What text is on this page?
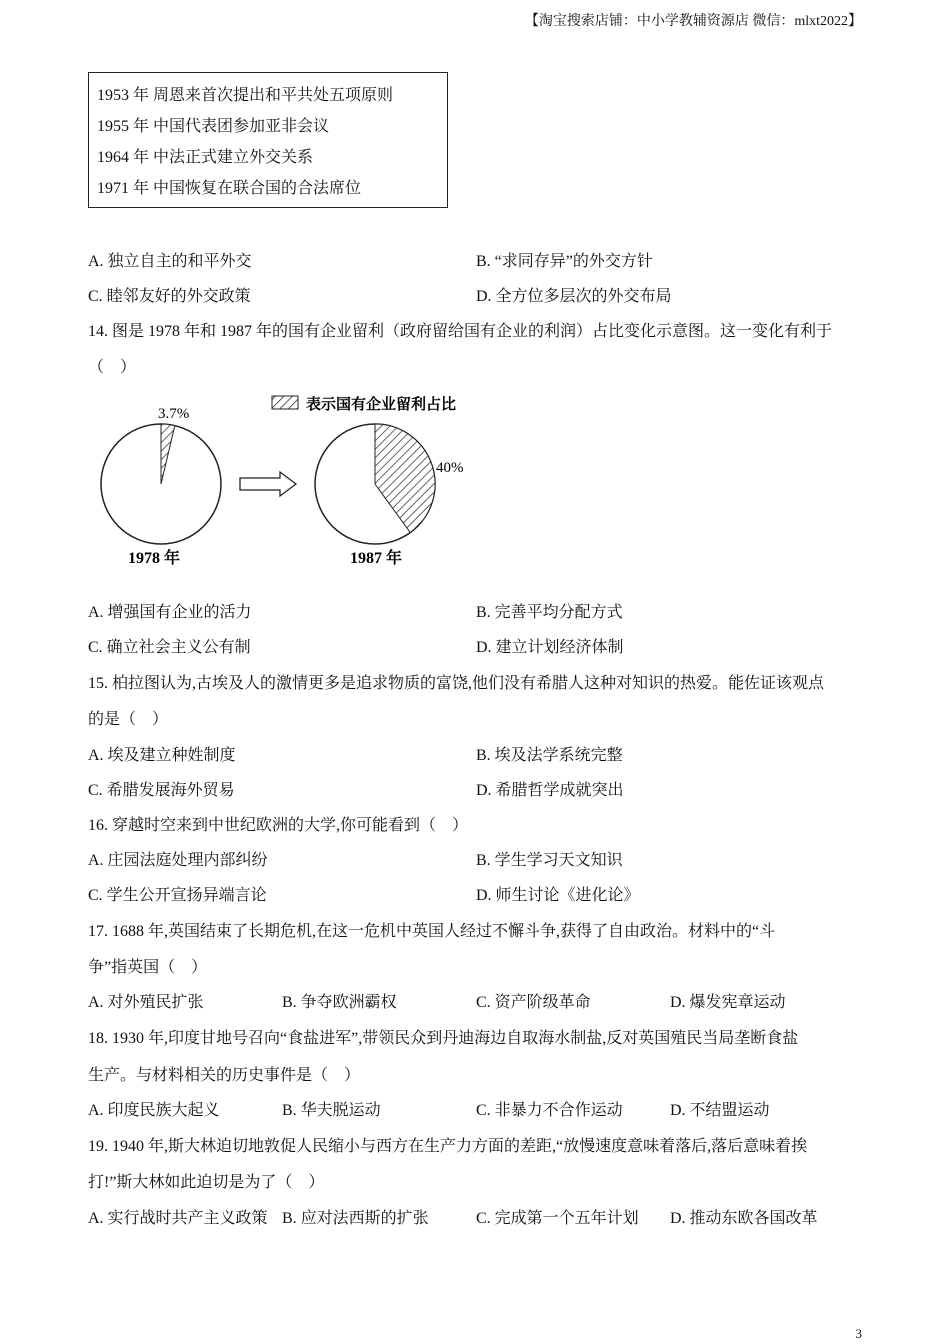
【淘宝搜索店铺：中小学教辅资源店 微信：mlxt2022】
1953 年 周恩来首次提出和平共处五项原则
1955 年 中国代表团参加亚非会议
1964 年 中法正式建立外交关系
1971 年 中国恢复在联合国的合法席位
A. 独立自主的和平外交	B. “求同存异”的外交方针
C. 睦邻友好的外交政策	D. 全方位多层次的外交布局
14. 图是 1978 年和 1987 年的国有企业留利（政府留给国有企业的利润）占比变化示意图。这一变化有利于
（　）
表示国有企业留利占比
3.7%
1978 年
40%
1987 年
A. 增强国有企业的活力	B. 完善平均分配方式
C. 确立社会主义公有制	D. 建立计划经济体制
15. 柏拉图认为,古埃及人的激情更多是追求物质的富饶,他们没有希腊人这种对知识的热爱。能佐证该观点
的是（　）
A. 埃及建立种姓制度	B. 埃及法学系统完整
C. 希腊发展海外贸易	D. 希腊哲学成就突出
16. 穿越时空来到中世纪欧洲的大学,你可能看到（　）
A. 庄园法庭处理内部纠纷	B. 学生学习天文知识
C. 学生公开宣扬异端言论	D. 师生讨论《进化论》
17. 1688 年,英国结束了长期危机,在这一危机中英国人经过不懈斗争,获得了自由政治。材料中的“斗
争”指英国（　）
A. 对外殖民扩张	B. 争夺欧洲霸权	C. 资产阶级革命	D. 爆发宪章运动
18. 1930 年,印度甘地号召向“食盐进军”,带领民众到丹迪海边自取海水制盐,反对英国殖民当局垄断食盐
生产。与材料相关的历史事件是（　）
A. 印度民族大起义	B. 华夫脱运动	C. 非暴力不合作运动	D. 不结盟运动
19. 1940 年,斯大林迫切地敦促人民缩小与西方在生产力方面的差距,“放慢速度意味着落后,落后意味着挨
打!”斯大林如此迫切是为了（　）
A. 实行战时共产主义政策 B. 应对法西斯的扩张	C. 完成第一个五年计划 D. 推动东欧各国改革
3
